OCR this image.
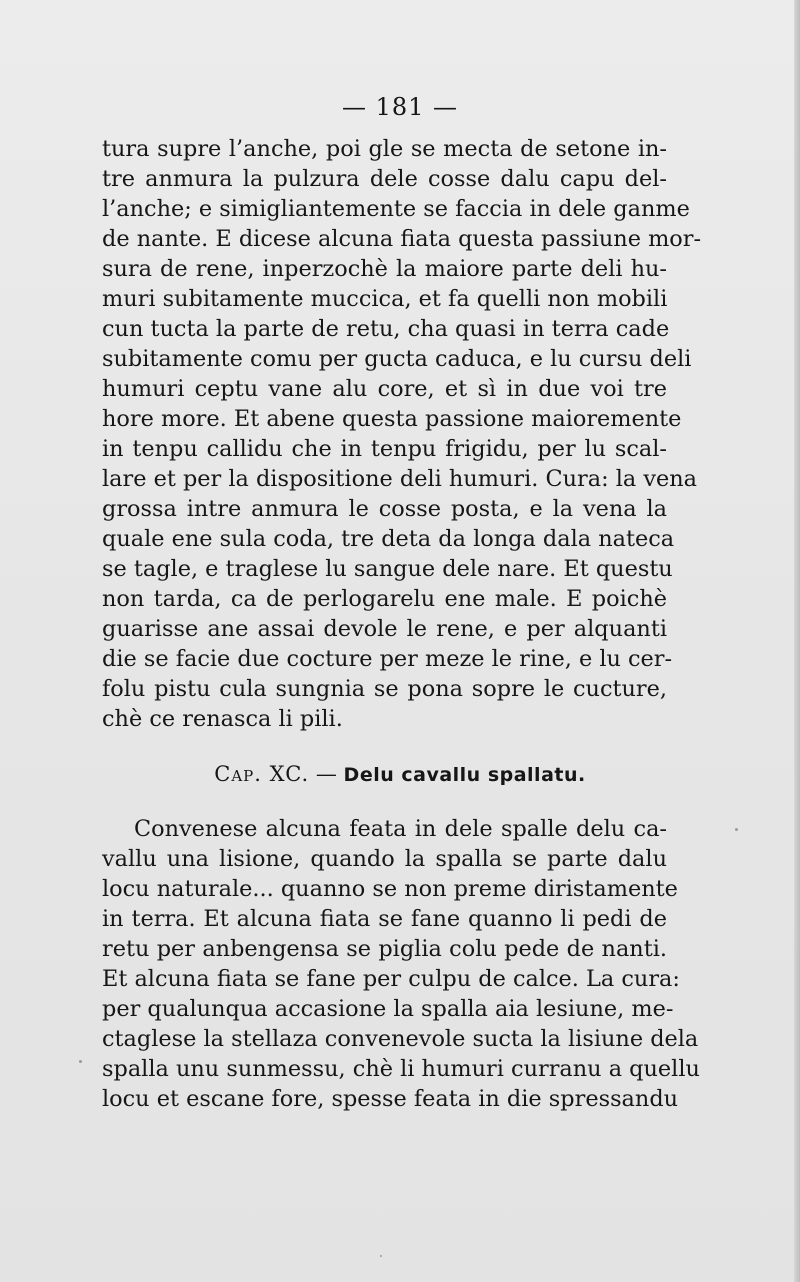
— 181 —
tura supre l’anche, poi gle se mecta de setone in-
tre anmura la pulzura dele cosse dalu capu del-
l’anche; e simigliantemente se faccia in dele ganme
de nante. E dicese alcuna fiata questa passiune mor-
sura de rene, inperzochè la maiore parte deli hu-
muri subitamente muccica, et fa quelli non mobili
cun tucta la parte de retu, cha quasi in terra cade
subitamente comu per gucta caduca, e lu cursu deli
humuri ceptu vane alu core, et sì in due voi tre
hore more. Et abene questa passione maioremente
in tenpu callidu che in tenpu frigidu, per lu scal-
lare et per la dispositione deli humuri. Cura: la vena
grossa intre anmura le cosse posta, e la vena la
quale ene sula coda, tre deta da longa dala nateca
se tagle, e traglese lu sangue dele nare. Et questu
non tarda, ca de perlogarelu ene male. E poichè
guarisse ane assai devole le rene, e per alquanti
die se facie due cocture per meze le rine, e lu cer-
folu pistu cula sungnia se pona sopre le cucture,
chè ce renasca li pili.
Cap. XC. — Delu cavallu spallatu.
Convenese alcuna feata in dele spalle delu ca-
vallu una lisione, quando la spalla se parte dalu
locu naturale... quanno se non preme diristamente
in terra. Et alcuna fiata se fane quanno li pedi de
retu per anbengensa se piglia colu pede de nanti.
Et alcuna fiata se fane per culpu de calce. La cura:
per qualunqua accasione la spalla aia lesiune, me-
ctaglese la stellaza convenevole sucta la lisiune dela
spalla unu sunmessu, chè li humuri curranu a quellu
locu et escane fore, spesse feata in die spressandu
